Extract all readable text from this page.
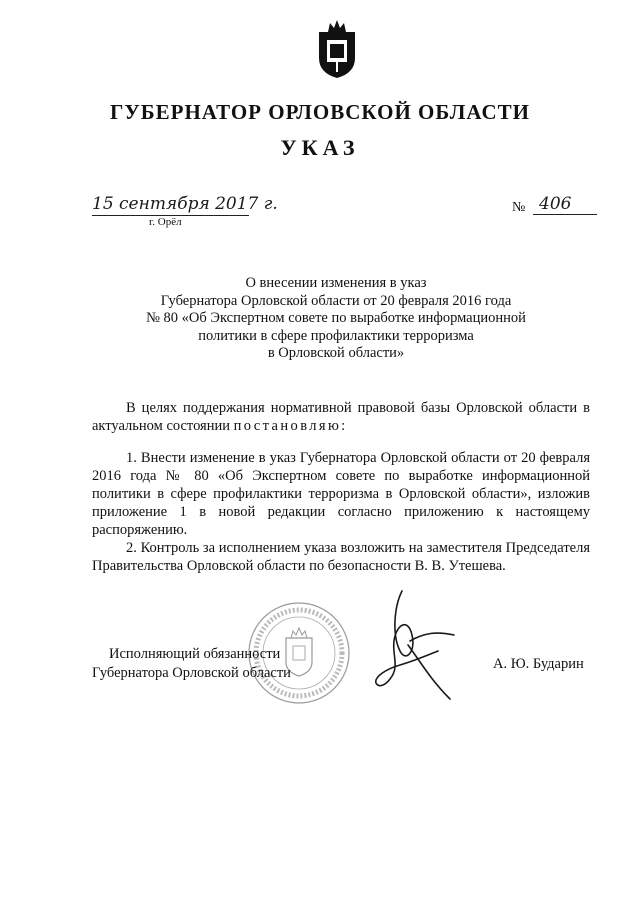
ГУБЕРНАТОР ОРЛОВСКОЙ ОБЛАСТИ
УКАЗ
15 сентября 2017 г.
г. Орёл
№ 406
О внесении изменения в указ
Губернатора Орловской области от 20 февраля 2016 года
№ 80 «Об Экспертном совете по выработке информационной
политики в сфере профилактики терроризма
в Орловской области»

В целях поддержания нормативной правовой базы Орловской области в актуальном состоянии постановляю:

1. Внести изменение в указ Губернатора Орловской области от 20 февраля 2016 года № 80 «Об Экспертном совете по выработке информационной политики в сфере профилактики терроризма в Орловской области», изложив приложение 1 в новой редакции согласно приложению к настоящему распоряжению.

2. Контроль за исполнением указа возложить на заместителя Председателя Правительства Орловской области по безопасности В. В. Утешева.

Исполняющий обязанности
Губернатора Орловской области
А. Ю. Бударин
